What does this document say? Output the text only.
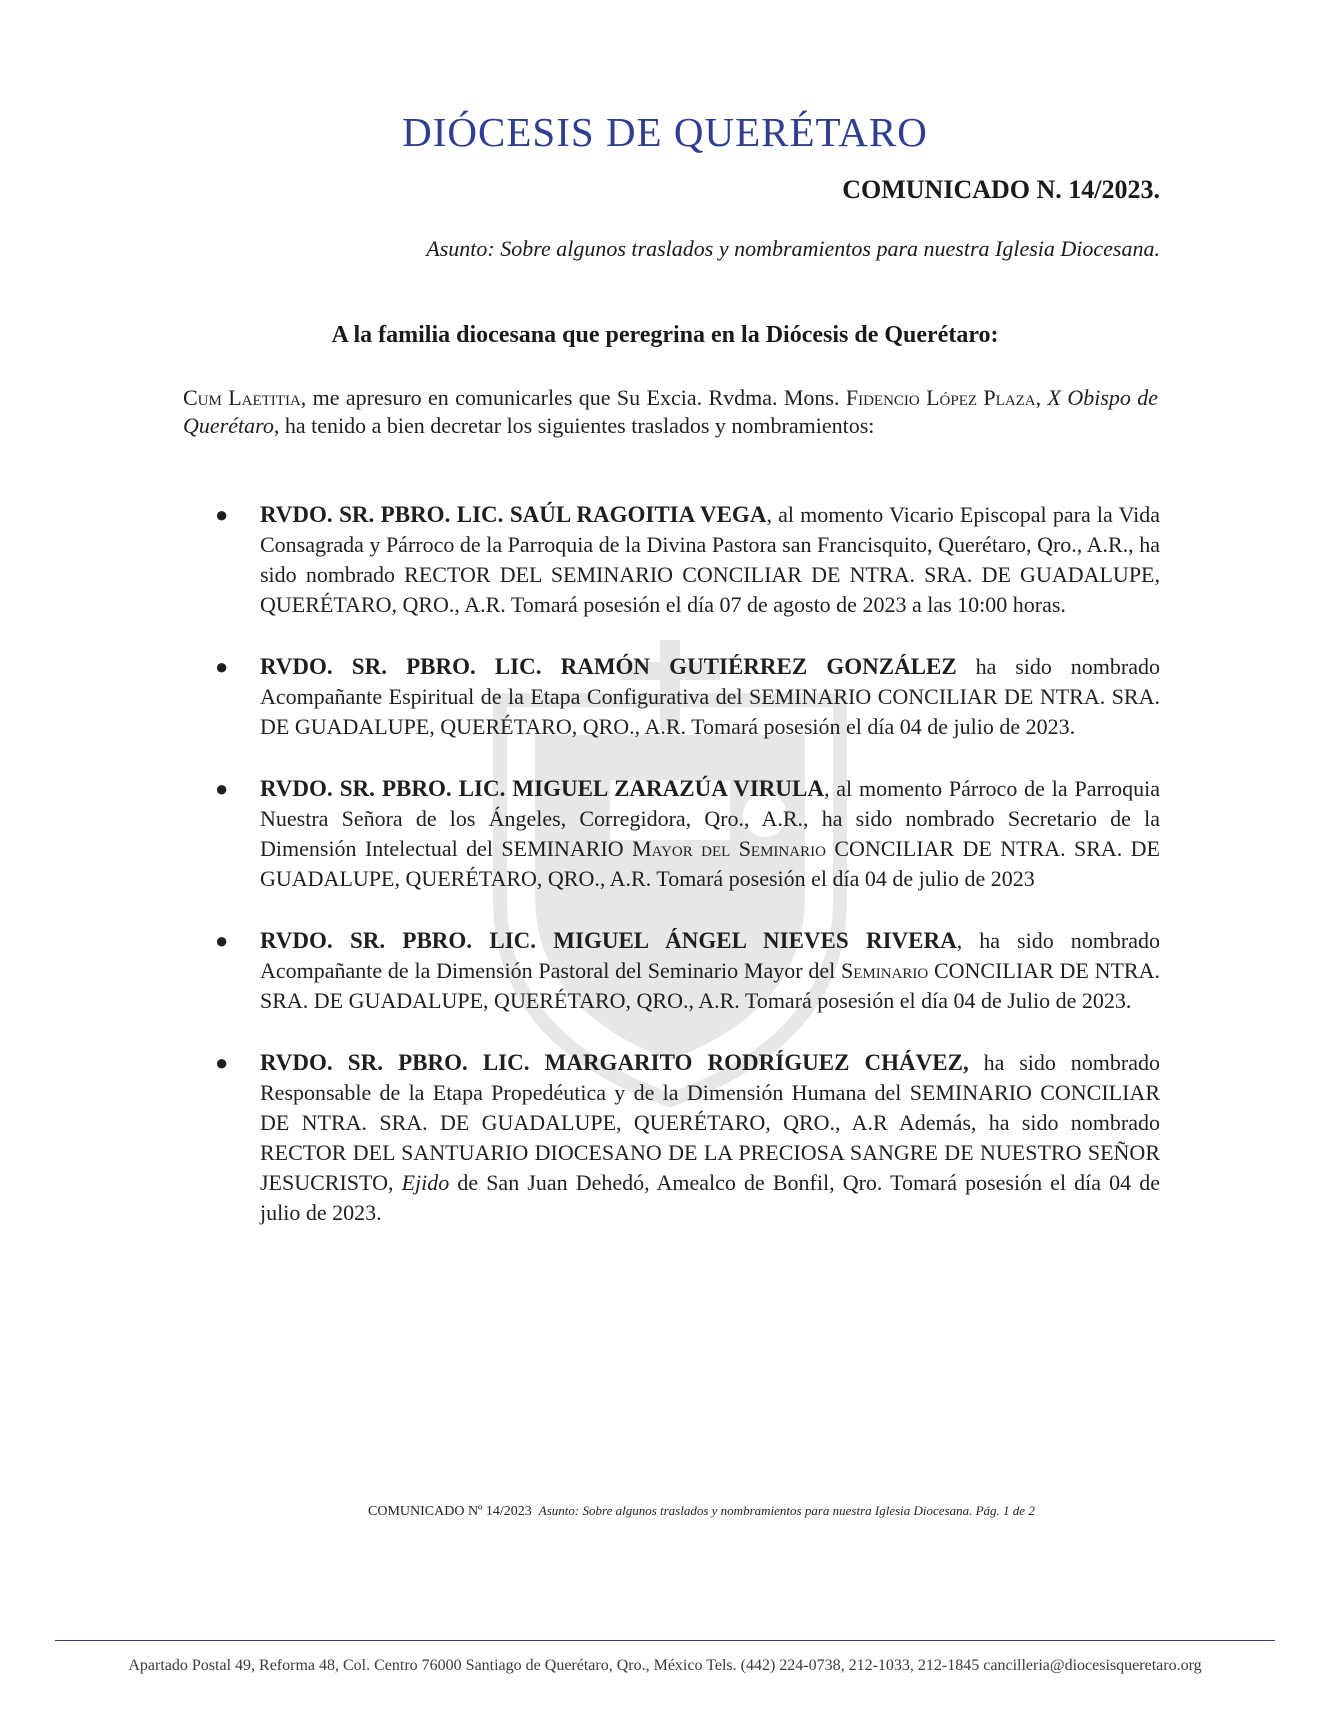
DIÓCESIS DE QUERÉTARO
COMUNICADO N. 14/2023.
Asunto: Sobre algunos traslados y nombramientos para nuestra Iglesia Diocesana.
A la familia diocesana que peregrina en la Diócesis de Querétaro:

Cum Laetitia, me apresuro en comunicarles que Su Excia. Rvdma. Mons. Fidencio López Plaza, X Obispo de Querétaro, ha tenido a bien decretar los siguientes traslados y nombramientos:

● RVDO. SR. PBRO. LIC. SAÚL RAGOITIA VEGA, al momento Vicario Episcopal para la Vida Consagrada y Párroco de la Parroquia de la Divina Pastora san Francisquito, Querétaro, Qro., A.R., ha sido nombrado RECTOR DEL SEMINARIO CONCILIAR DE NTRA. SRA. DE GUADALUPE, QUERÉTARO, QRO., A.R. Tomará posesión el día 07 de agosto de 2023 a las 10:00 horas.
● RVDO. SR. PBRO. LIC. RAMÓN GUTIÉRREZ GONZÁLEZ ha sido nombrado Acompañante Espiritual de la Etapa Configurativa del SEMINARIO CONCILIAR DE NTRA. SRA. DE GUADALUPE, QUERÉTARO, QRO., A.R. Tomará posesión el día 04 de julio de 2023.
● RVDO. SR. PBRO. LIC. MIGUEL ZARAZÚA VIRULA, al momento Párroco de la Parroquia Nuestra Señora de los Ángeles, Corregidora, Qro., A.R., ha sido nombrado Secretario de la Dimensión Intelectual del SEMINARIO Mayor del Seminario CONCILIAR DE NTRA. SRA. DE GUADALUPE, QUERÉTARO, QRO., A.R. Tomará posesión el día 04 de julio de 2023
● RVDO. SR. PBRO. LIC. MIGUEL ÁNGEL NIEVES RIVERA, ha sido nombrado Acompañante de la Dimensión Pastoral del Seminario Mayor del Seminario CONCILIAR DE NTRA. SRA. DE GUADALUPE, QUERÉTARO, QRO., A.R. Tomará posesión el día 04 de Julio de 2023.
● RVDO. SR. PBRO. LIC. MARGARITO RODRÍGUEZ CHÁVEZ, ha sido nombrado Responsable de la Etapa Propedéutica y de la Dimensión Humana del SEMINARIO CONCILIAR DE NTRA. SRA. DE GUADALUPE, QUERÉTARO, QRO., A.R Además, ha sido nombrado RECTOR DEL SANTUARIO DIOCESANO DE LA PRECIOSA SANGRE DE NUESTRO SEÑOR JESUCRISTO, Ejido de San Juan Dehedó, Amealco de Bonfil, Qro. Tomará posesión el día 04 de julio de 2023.
COMUNICADO Nº 14/2023 Asunto: Sobre algunos traslados y nombramientos para nuestra Iglesia Diocesana. Pág. 1 de 2
Apartado Postal 49, Reforma 48, Col. Centro 76000 Santiago de Querétaro, Qro., México Tels. (442) 224-0738, 212-1033, 212-1845 cancilleria@diocesisqueretaro.org
